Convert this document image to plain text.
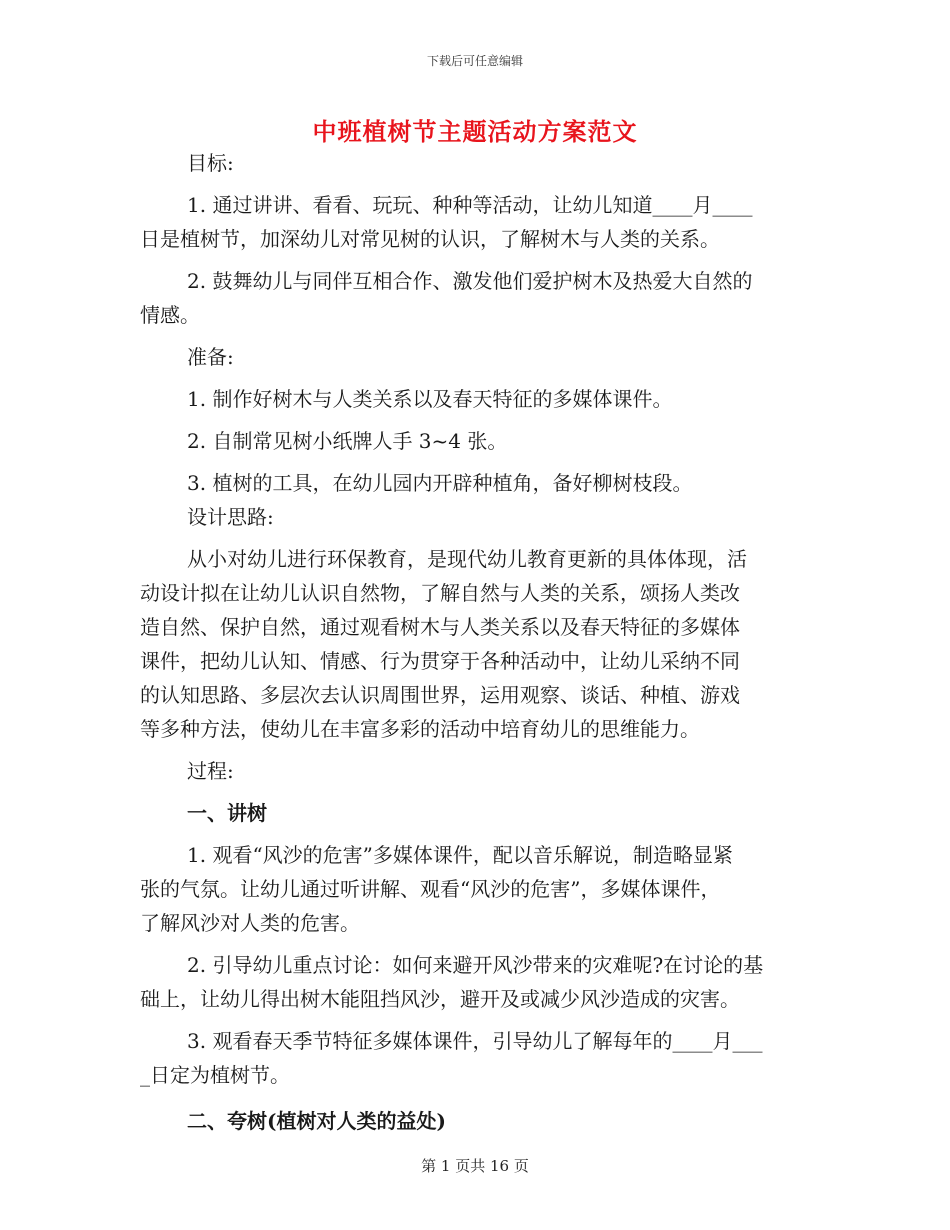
下载后可任意编辑
中班植树节主题活动方案范文
目标:
1. 通过讲讲、看看、玩玩、种种等活动，让幼儿知道____月____
日是植树节，加深幼儿对常见树的认识，了解树木与人类的关系。
2. 鼓舞幼儿与同伴互相合作、激发他们爱护树木及热爱大自然的
情感。
准备:
1. 制作好树木与人类关系以及春天特征的多媒体课件。
2. 自制常见树小纸牌人手 3~4 张。
3. 植树的工具，在幼儿园内开辟种植角，备好柳树枝段。
设计思路:
从小对幼儿进行环保教育，是现代幼儿教育更新的具体体现，活
动设计拟在让幼儿认识自然物，了解自然与人类的关系，颂扬人类改
造自然、保护自然，通过观看树木与人类关系以及春天特征的多媒体
课件，把幼儿认知、情感、行为贯穿于各种活动中，让幼儿采纳不同
的认知思路、多层次去认识周围世界，运用观察、谈话、种植、游戏
等多种方法，使幼儿在丰富多彩的活动中培育幼儿的思维能力。
过程:
一、讲树
1. 观看“风沙的危害”多媒体课件，配以音乐解说，制造略显紧
张的气氛。让幼儿通过听讲解、观看“风沙的危害”，多媒体课件，
了解风沙对人类的危害。
2. 引导幼儿重点讨论：如何来避开风沙带来的灾难呢?在讨论的基
础上，让幼儿得出树木能阻挡风沙，避开及或减少风沙造成的灾害。
3. 观看春天季节特征多媒体课件，引导幼儿了解每年的____月___
_日定为植树节。
二、夸树(植树对人类的益处)
第 1 页共 16 页
